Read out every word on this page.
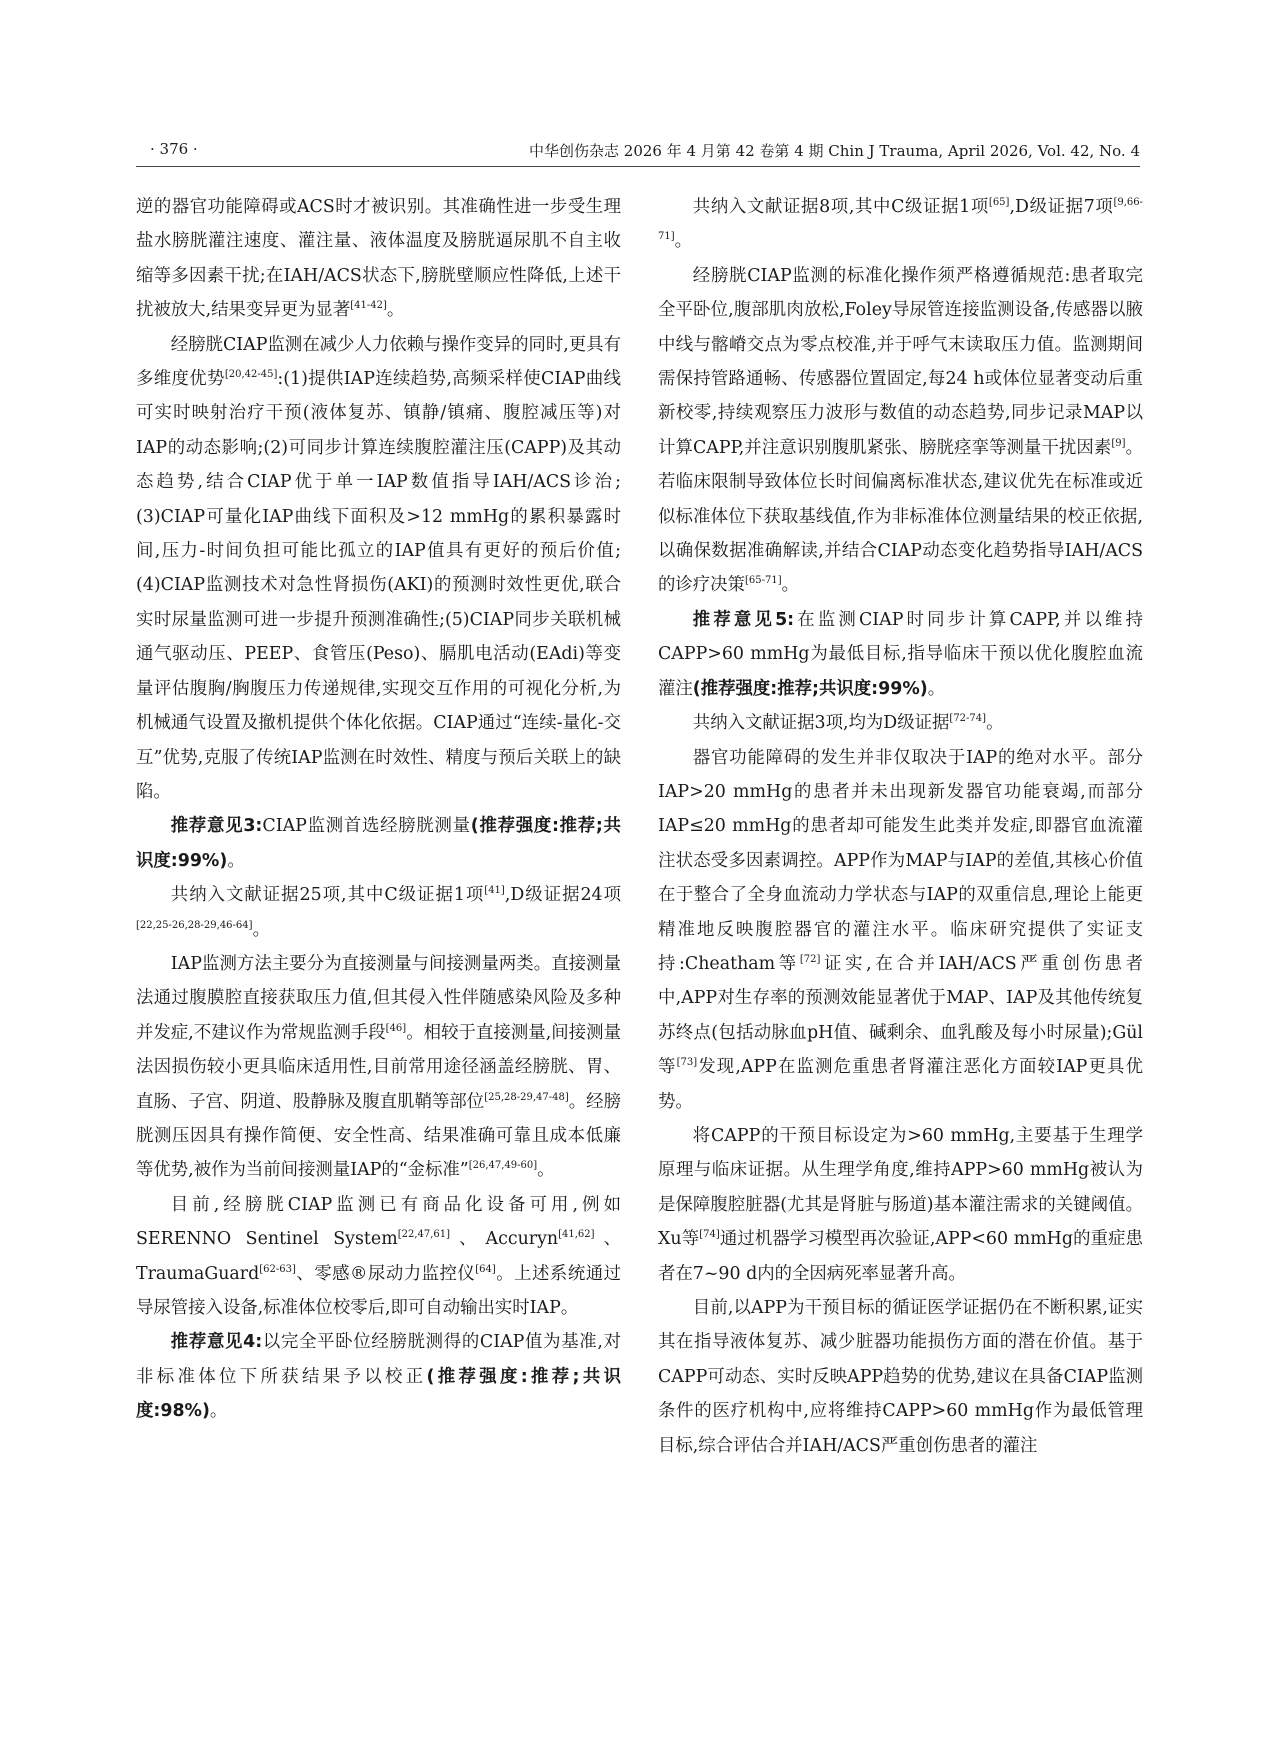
· 376 ·	中华创伤杂志 2026 年 4 月第 42 卷第 4 期 Chin J Trauma, April 2026, Vol. 42, No. 4

逆的器官功能障碍或ACS时才被识别。其准确性进一步受生理盐水膀胱灌注速度、灌注量、液体温度及膀胱逼尿肌不自主收缩等多因素干扰;在IAH/ACS状态下,膀胱壁顺应性降低,上述干扰被放大,结果变异更为显著[41-42]。

经膀胱CIAP监测在减少人力依赖与操作变异的同时,更具有多维度优势[20,42-45]:(1)提供IAP连续趋势,高频采样使CIAP曲线可实时映射治疗干预(液体复苏、镇静/镇痛、腹腔减压等)对IAP的动态影响;(2)可同步计算连续腹腔灌注压(CAPP)及其动态趋势,结合CIAP优于单一IAP数值指导IAH/ACS诊治;(3)CIAP可量化IAP曲线下面积及>12 mmHg的累积暴露时间,压力-时间负担可能比孤立的IAP值具有更好的预后价值;(4)CIAP监测技术对急性肾损伤(AKI)的预测时效性更优,联合实时尿量监测可进一步提升预测准确性;(5)CIAP同步关联机械通气驱动压、PEEP、食管压(Peso)、膈肌电活动(EAdi)等变量评估腹胸/胸腹压力传递规律,实现交互作用的可视化分析,为机械通气设置及撤机提供个体化依据。CIAP通过“连续-量化-交互”优势,克服了传统IAP监测在时效性、精度与预后关联上的缺陷。

推荐意见3:CIAP监测首选经膀胱测量(推荐强度:推荐;共识度:99%)。

共纳入文献证据25项,其中C级证据1项[41],D级证据24项[22,25-26,28-29,46-64]。

IAP监测方法主要分为直接测量与间接测量两类。直接测量法通过腹膜腔直接获取压力值,但其侵入性伴随感染风险及多种并发症,不建议作为常规监测手段[46]。相较于直接测量,间接测量法因损伤较小更具临床适用性,目前常用途径涵盖经膀胱、胃、直肠、子宫、阴道、股静脉及腹直肌鞘等部位[25,28-29,47-48]。经膀胱测压因具有操作简便、安全性高、结果准确可靠且成本低廉等优势,被作为当前间接测量IAP的“金标准”[26,47,49-60]。

目前,经膀胱CIAP监测已有商品化设备可用,例如SERENNO Sentinel System[22,47,61]、Accuryn[41,62]、TraumaGuard[62-63]、零感®尿动力监控仪[64]。上述系统通过导尿管接入设备,标准体位校零后,即可自动输出实时IAP。

推荐意见4:以完全平卧位经膀胱测得的CIAP值为基准,对非标准体位下所获结果予以校正(推荐强度:推荐;共识度:98%)。

共纳入文献证据8项,其中C级证据1项[65],D级证据7项[9,66-71]。

经膀胱CIAP监测的标准化操作须严格遵循规范:患者取完全平卧位,腹部肌肉放松,Foley导尿管连接监测设备,传感器以腋中线与髂嵴交点为零点校准,并于呼气末读取压力值。监测期间需保持管路通畅、传感器位置固定,每24 h或体位显著变动后重新校零,持续观察压力波形与数值的动态趋势,同步记录MAP以计算CAPP,并注意识别腹肌紧张、膀胱痉挛等测量干扰因素[9]。若临床限制导致体位长时间偏离标准状态,建议优先在标准或近似标准体位下获取基线值,作为非标准体位测量结果的校正依据,以确保数据准确解读,并结合CIAP动态变化趋势指导IAH/ACS的诊疗决策[65-71]。

推荐意见5:在监测CIAP时同步计算CAPP,并以维持CAPP>60 mmHg为最低目标,指导临床干预以优化腹腔血流灌注(推荐强度:推荐;共识度:99%)。

共纳入文献证据3项,均为D级证据[72-74]。

器官功能障碍的发生并非仅取决于IAP的绝对水平。部分IAP>20 mmHg的患者并未出现新发器官功能衰竭,而部分IAP≤20 mmHg的患者却可能发生此类并发症,即器官血流灌注状态受多因素调控。APP作为MAP与IAP的差值,其核心价值在于整合了全身血流动力学状态与IAP的双重信息,理论上能更精准地反映腹腔器官的灌注水平。临床研究提供了实证支持:Cheatham等[72]证实,在合并IAH/ACS严重创伤患者中,APP对生存率的预测效能显著优于MAP、IAP及其他传统复苏终点(包括动脉血pH值、碱剩余、血乳酸及每小时尿量);Gül等[73]发现,APP在监测危重患者肾灌注恶化方面较IAP更具优势。

将CAPP的干预目标设定为>60 mmHg,主要基于生理学原理与临床证据。从生理学角度,维持APP>60 mmHg被认为是保障腹腔脏器(尤其是肾脏与肠道)基本灌注需求的关键阈值。Xu等[74]通过机器学习模型再次验证,APP<60 mmHg的重症患者在7~90 d内的全因病死率显著升高。

目前,以APP为干预目标的循证医学证据仍在不断积累,证实其在指导液体复苏、减少脏器功能损伤方面的潜在价值。基于CAPP可动态、实时反映APP趋势的优势,建议在具备CIAP监测条件的医疗机构中,应将维持CAPP>60 mmHg作为最低管理目标,综合评估合并IAH/ACS严重创伤患者的灌注
